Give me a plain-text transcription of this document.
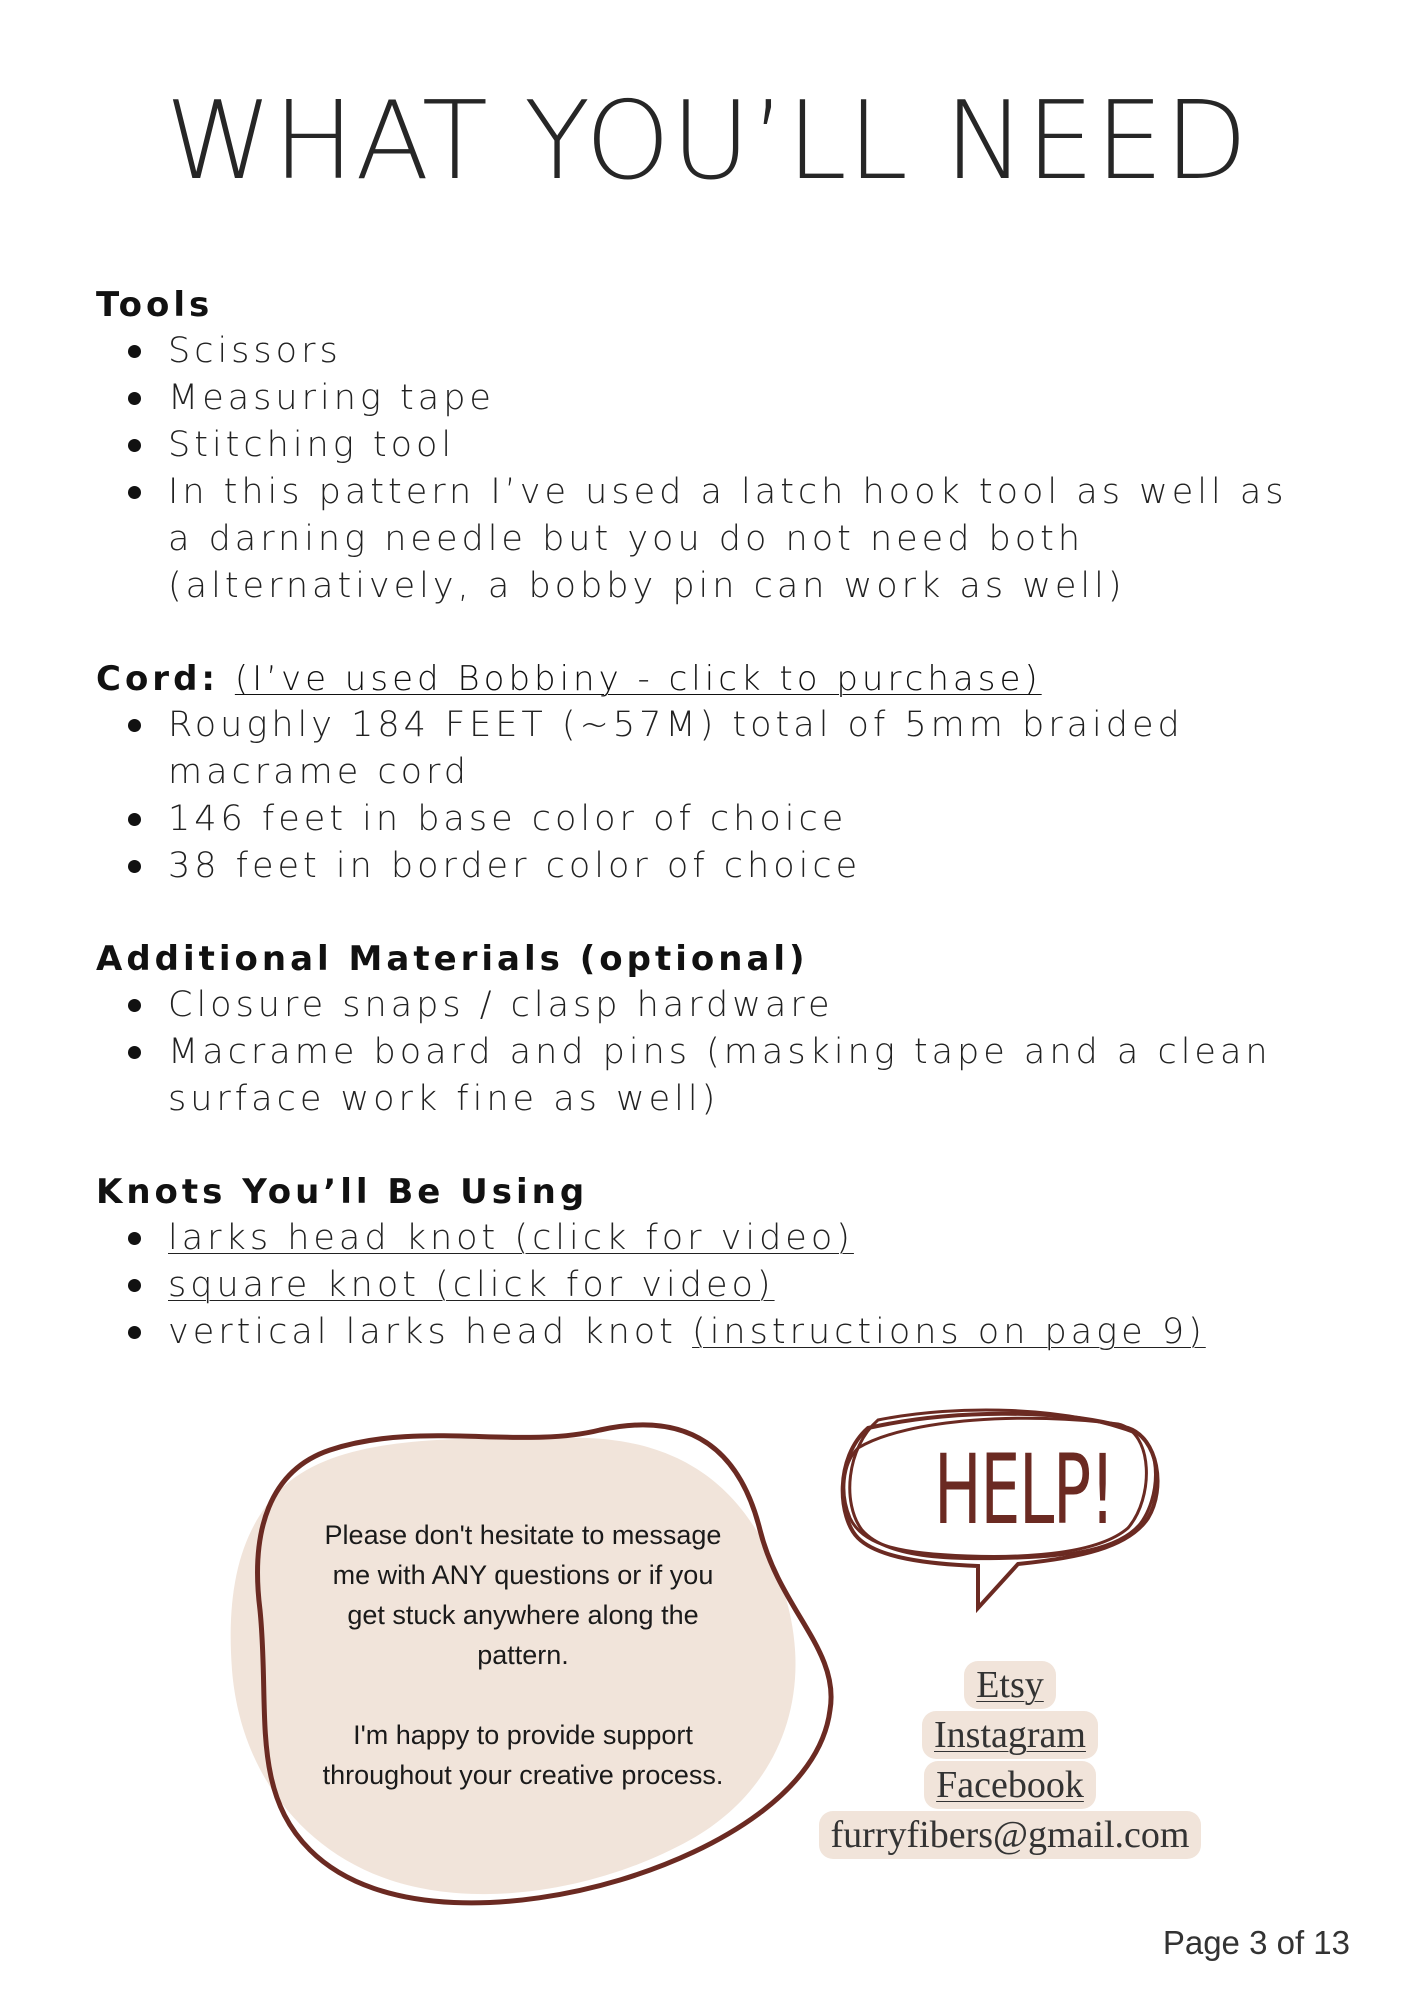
WHAT YOU’LL NEED
Tools
Scissors
Measuring tape
Stitching tool
In this pattern I’ve used a latch hook tool as well as a darning needle but you do not need both (alternatively, a bobby pin can work as well)
Cord: (I’ve used Bobbiny - click to purchase)
Roughly 184 FEET (~57M) total of 5mm braided macrame cord
146 feet in base color of choice
38 feet in border color of choice
Additional Materials (optional)
Closure snaps / clasp hardware
Macrame board and pins (masking tape and a clean surface work fine as well)
Knots You’ll Be Using
larks head knot (click for video)
square knot (click for video)
vertical larks head knot (instructions on page 9)

Please don't hesitate to message me with ANY questions or if you get stuck anywhere along the pattern.

I'm happy to provide support throughout your creative process.

HELP!
Etsy
Instagram
Facebook
furryfibers@gmail.com
Page 3 of 13
